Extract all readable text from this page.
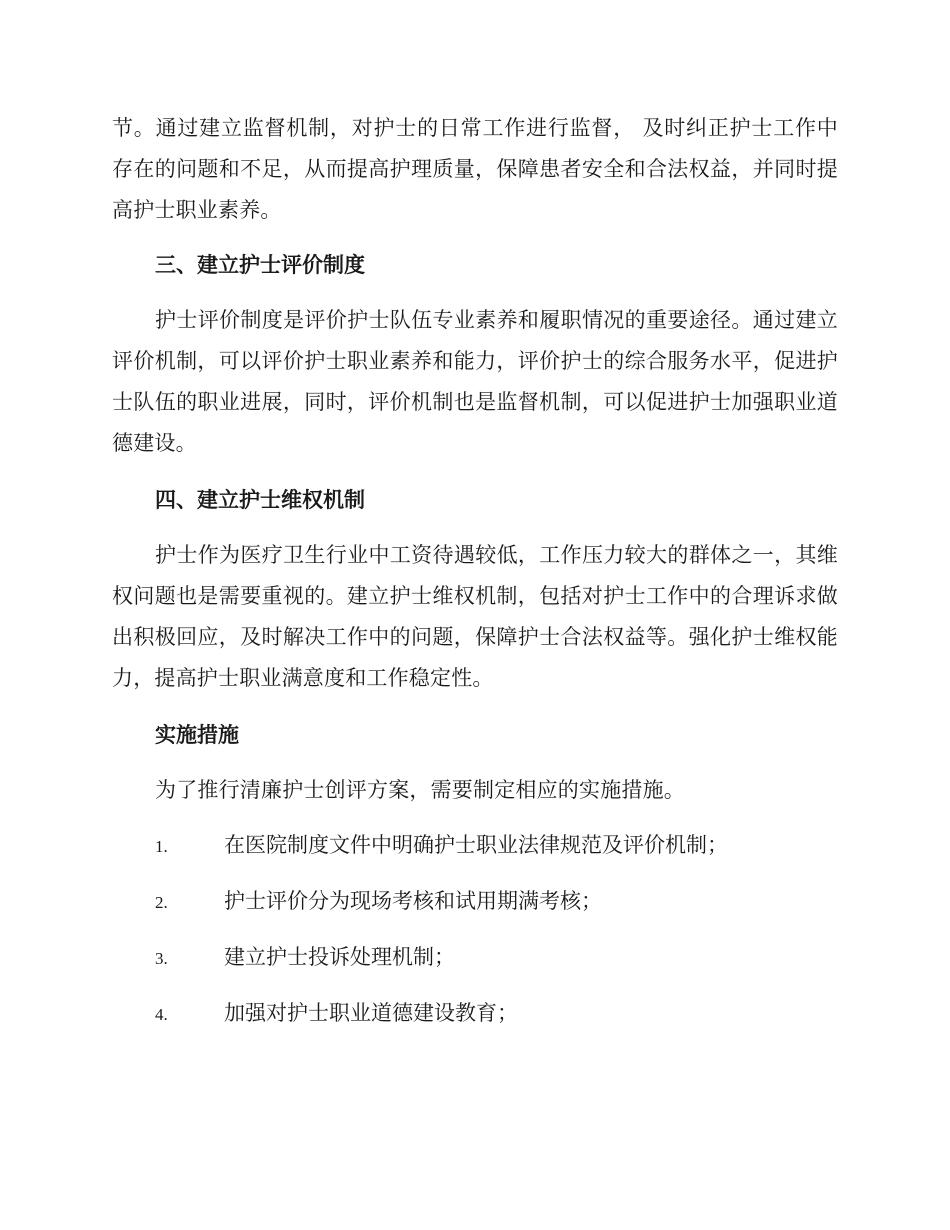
节。通过建立监督机制，对护士的日常工作进行监督， 及时纠正护士工作中存在的问题和不足，从而提高护理质量，保障患者安全和合法权益，并同时提高护士职业素养。

三、建立护士评价制度

护士评价制度是评价护士队伍专业素养和履职情况的重要途径。通过建立评价机制，可以评价护士职业素养和能力，评价护士的综合服务水平，促进护士队伍的职业进展，同时，评价机制也是监督机制，可以促进护士加强职业道德建设。

四、建立护士维权机制

护士作为医疗卫生行业中工资待遇较低，工作压力较大的群体之一，其维权问题也是需要重视的。建立护士维权机制，包括对护士工作中的合理诉求做出积极回应，及时解决工作中的问题，保障护士合法权益等。强化护士维权能力，提高护士职业满意度和工作稳定性。

实施措施

为了推行清廉护士创评方案，需要制定相应的实施措施。

1.	在医院制度文件中明确护士职业法律规范及评价机制；
2.	护士评价分为现场考核和试用期满考核；
3.	建立护士投诉处理机制；
4.	加强对护士职业道德建设教育；
